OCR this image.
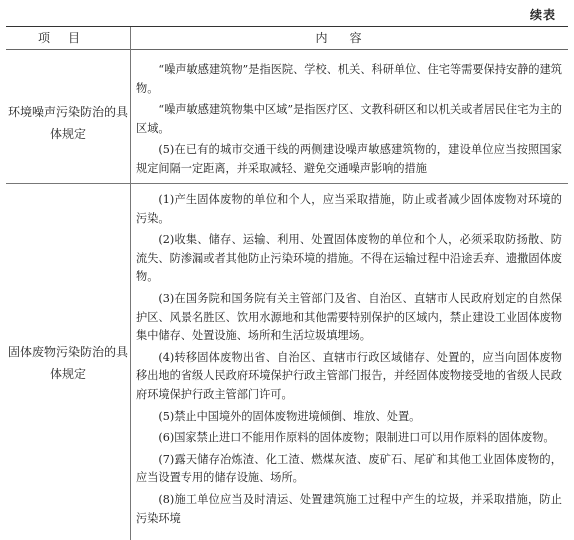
续表
项目	内容
环境噪声污染防治的具体规定

“噪声敏感建筑物”是指医院、学校、机关、科研单位、住宅等需要保持安静的建筑物。

“噪声敏感建筑物集中区域”是指医疗区、文教科研区和以机关或者居民住宅为主的区域。

(5)在已有的城市交通干线的两侧建设噪声敏感建筑物的，建设单位应当按照国家规定间隔一定距离，并采取减轻、避免交通噪声影响的措施

固体废物污染防治的具体规定

(1)产生固体废物的单位和个人，应当采取措施，防止或者减少固体废物对环境的污染。

(2)收集、储存、运输、利用、处置固体废物的单位和个人，必须采取防扬散、防流失、防渗漏或者其他防止污染环境的措施。不得在运输过程中沿途丢弃、遗撒固体废物。

(3)在国务院和国务院有关主管部门及省、自治区、直辖市人民政府划定的自然保护区、风景名胜区、饮用水源地和其他需要特别保护的区域内，禁止建设工业固体废物集中储存、处置设施、场所和生活垃圾填埋场。

(4)转移固体废物出省、自治区、直辖市行政区域储存、处置的，应当向固体废物移出地的省级人民政府环境保护行政主管部门报告，并经固体废物接受地的省级人民政府环境保护行政主管部门许可。

(5)禁止中国境外的固体废物进境倾倒、堆放、处置。

(6)国家禁止进口不能用作原料的固体废物；限制进口可以用作原料的固体废物。

(7)露天储存冶炼渣、化工渣、燃煤灰渣、废矿石、尾矿和其他工业固体废物的，应当设置专用的储存设施、场所。

(8)施工单位应当及时清运、处置建筑施工过程中产生的垃圾，并采取措施，防止污染环境
